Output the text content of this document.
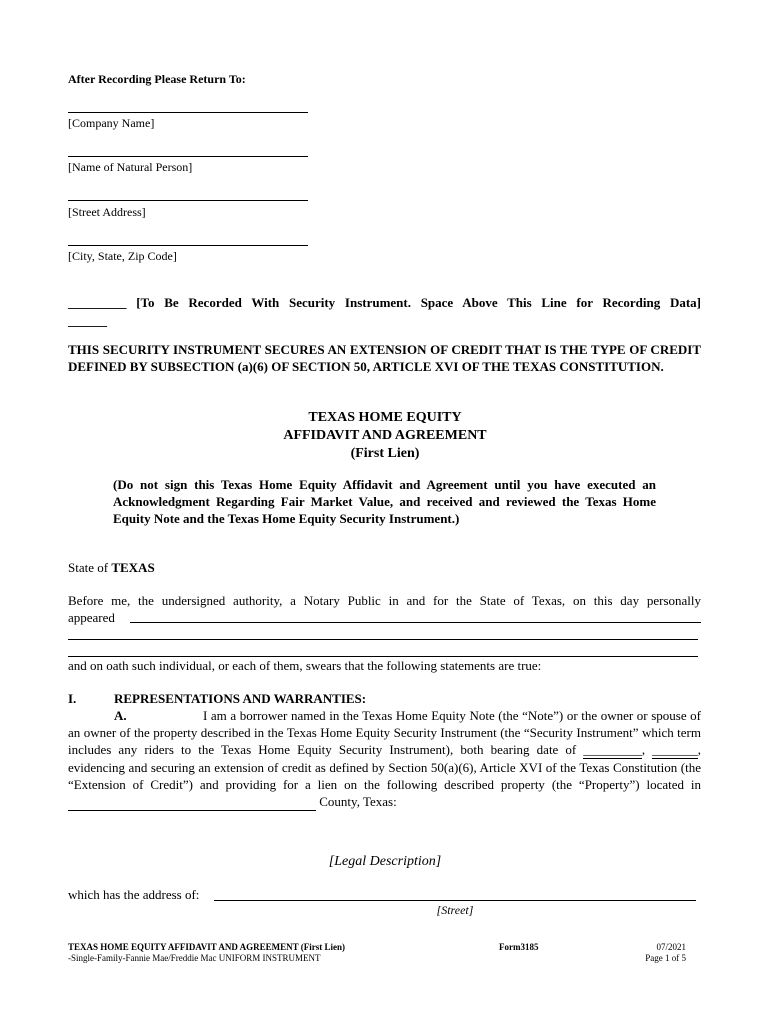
After Recording Please Return To:
[Company Name]
[Name of Natural Person]
[Street Address]
[City, State, Zip Code]
_________ [To Be Recorded With Security Instrument. Space Above This Line for Recording Data]
______
THIS SECURITY INSTRUMENT SECURES AN EXTENSION OF CREDIT THAT IS THE TYPE OF CREDIT DEFINED BY SUBSECTION (a)(6) OF SECTION 50, ARTICLE XVI OF THE TEXAS CONSTITUTION.
TEXAS HOME EQUITY
AFFIDAVIT AND AGREEMENT
(First Lien)
(Do not sign this Texas Home Equity Affidavit and Agreement until you have executed an Acknowledgment Regarding Fair Market Value, and received and reviewed the Texas Home Equity Note and the Texas Home Equity Security Instrument.)
State of TEXAS
Before me, the undersigned authority, a Notary Public in and for the State of Texas, on this day personally
appeared
and on oath such individual, or each of them, swears that the following statements are true:
I.	REPRESENTATIONS AND WARRANTIES:
A.	I am a borrower named in the Texas Home Equity Note (the “Note”) or the owner or spouse of an owner of the property described in the Texas Home Equity Security Instrument (the “Security Instrument” which term includes any riders to the Texas Home Equity Security Instrument), both bearing date of _________, _______, evidencing and securing an extension of credit as defined by Section 50(a)(6), Article XVI of the Texas Constitution (the “Extension of Credit”) and providing for a lien on the following described property (the “Property”) located in   County, Texas:
[Legal Description]
which has the address of:
[Street]
TEXAS HOME EQUITY AFFIDAVIT AND AGREEMENT (First Lien)
-Single-Family-Fannie Mae/Freddie Mac UNIFORM INSTRUMENT
Form3185	07/2021
Page 1 of 5
